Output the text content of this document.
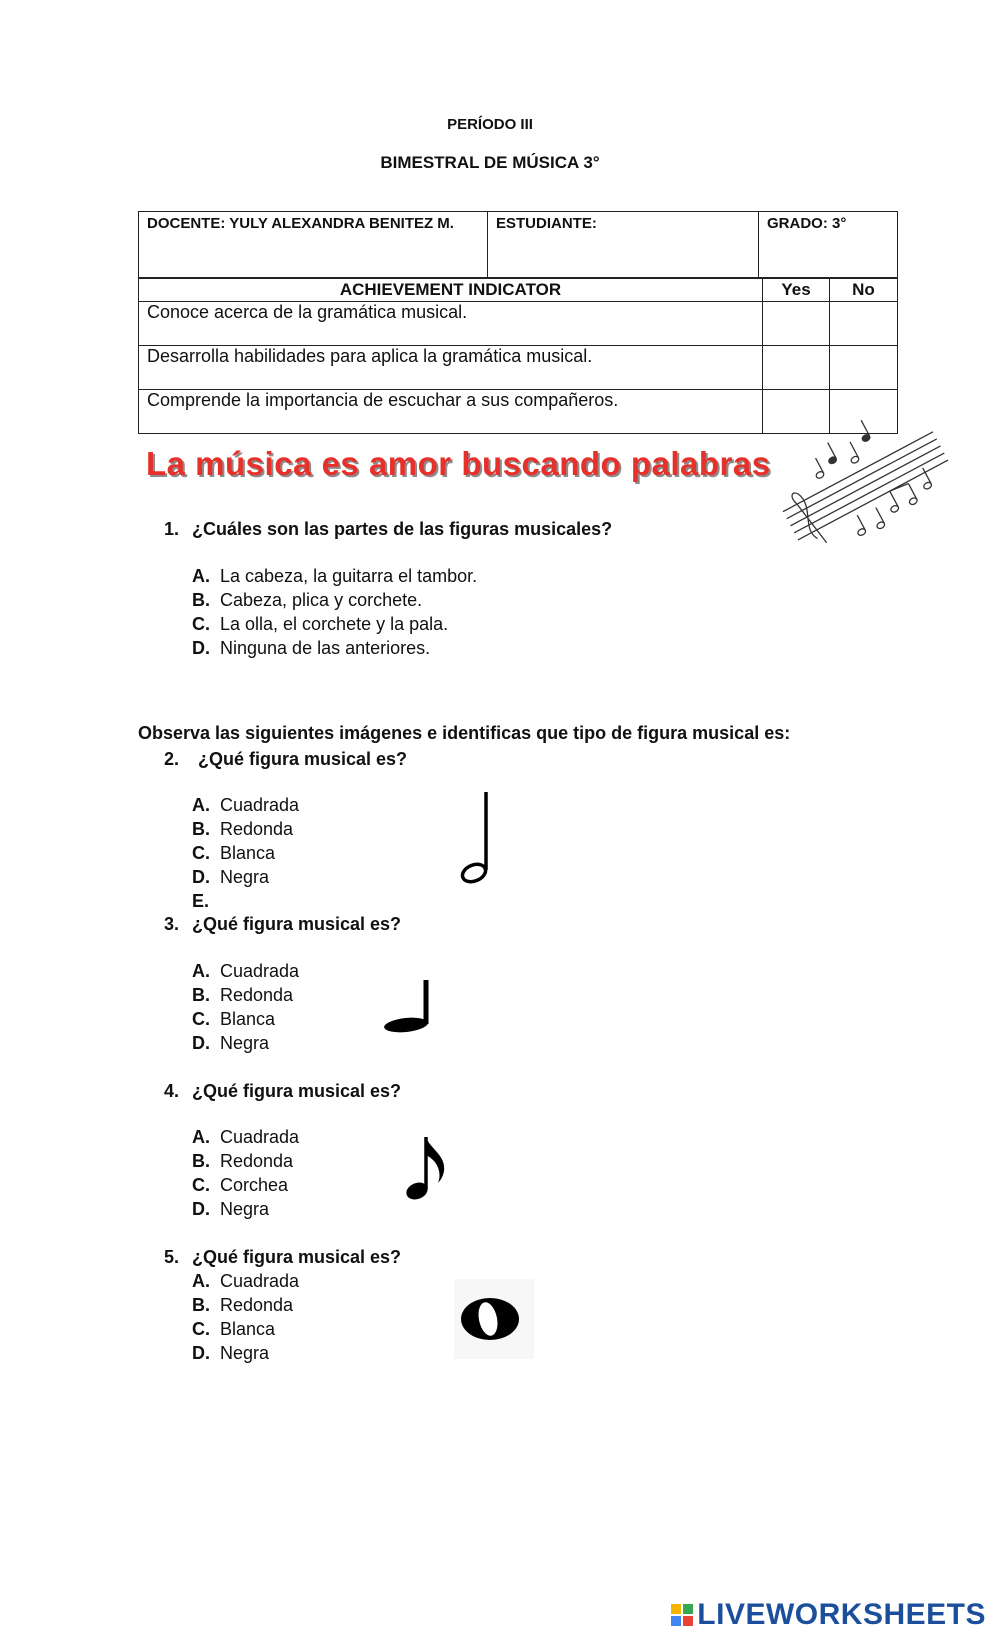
PERÍODO III
BIMESTRAL DE MÚSICA 3°
DOCENTE: YULY ALEXANDRA BENITEZ M.	ESTUDIANTE:	GRADO: 3°
ACHIEVEMENT INDICATOR	Yes	No
Conoce acerca de la gramática musical.		
Desarrolla habilidades para aplica la gramática musical.		
Comprende la importancia de escuchar a sus compañeros.		
La música es amor buscando palabras
1. ¿Cuáles son las partes de las figuras musicales?
A. La cabeza, la guitarra el tambor.
B. Cabeza, plica y corchete.
C. La olla, el corchete y la pala.
D. Ninguna de las anteriores.
Observa las siguientes imágenes e identificas que tipo de figura musical es:
2. ¿Qué figura musical es?
A. Cuadrada
B. Redonda
C. Blanca
D. Negra
E.
3. ¿Qué figura musical es?
A. Cuadrada
B. Redonda
C. Blanca
D. Negra
4. ¿Qué figura musical es?
A. Cuadrada
B. Redonda
C. Corchea
D. Negra
5. ¿Qué figura musical es?
A. Cuadrada
B. Redonda
C. Blanca
D. Negra
LIVEWORKSHEETS
